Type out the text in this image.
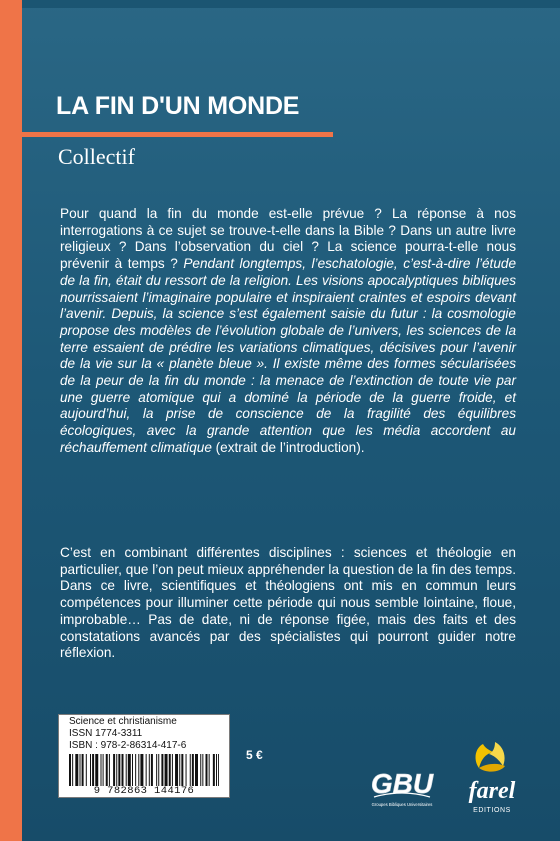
LA FIN D'UN MONDE
Collectif

Pour quand la fin du monde est-elle prévue ? La réponse à nos interrogations à ce sujet se trouve-t-elle dans la Bible ? Dans un autre livre religieux ? Dans l’observation du ciel ? La science pourra-t-elle nous prévenir à temps ? Pendant longtemps, l’eschatologie, c’est-à-dire l’étude de la fin, était du ressort de la religion. Les visions apocalyptiques bibliques nourrissaient l’imaginaire populaire et inspiraient craintes et espoirs devant l’avenir. Depuis, la science s’est également saisie du futur : la cosmologie propose des modèles de l’évolution globale de l’univers, les sciences de la terre essaient de prédire les variations climatiques, décisives pour l’avenir de la vie sur la « planète bleue ». Il existe même des formes sécularisées de la peur de la fin du monde : la menace de l’extinction de toute vie par une guerre atomique qui a dominé la période de la guerre froide, et aujourd’hui, la prise de conscience de la fragilité des équilibres écologiques, avec la grande attention que les média accordent au réchauffement climatique (extrait de l’introduction).

C’est en combinant différentes disciplines : sciences et théologie en particulier, que l’on peut mieux appréhender la question de la fin des temps. Dans ce livre, scientifiques et théologiens ont mis en commun leurs compétences pour illuminer cette période qui nous semble lointaine, floue, improbable… Pas de date, ni de réponse figée, mais des faits et des constatations avancés par des spécialistes qui pourront guider notre réflexion.

Science et christianisme
ISSN 1774-3311
ISBN : 978-2-86314-417-6
9 782863 144176
5 €
GBU
Groupes Bibliques Universitaires
farel
EDITIONS
